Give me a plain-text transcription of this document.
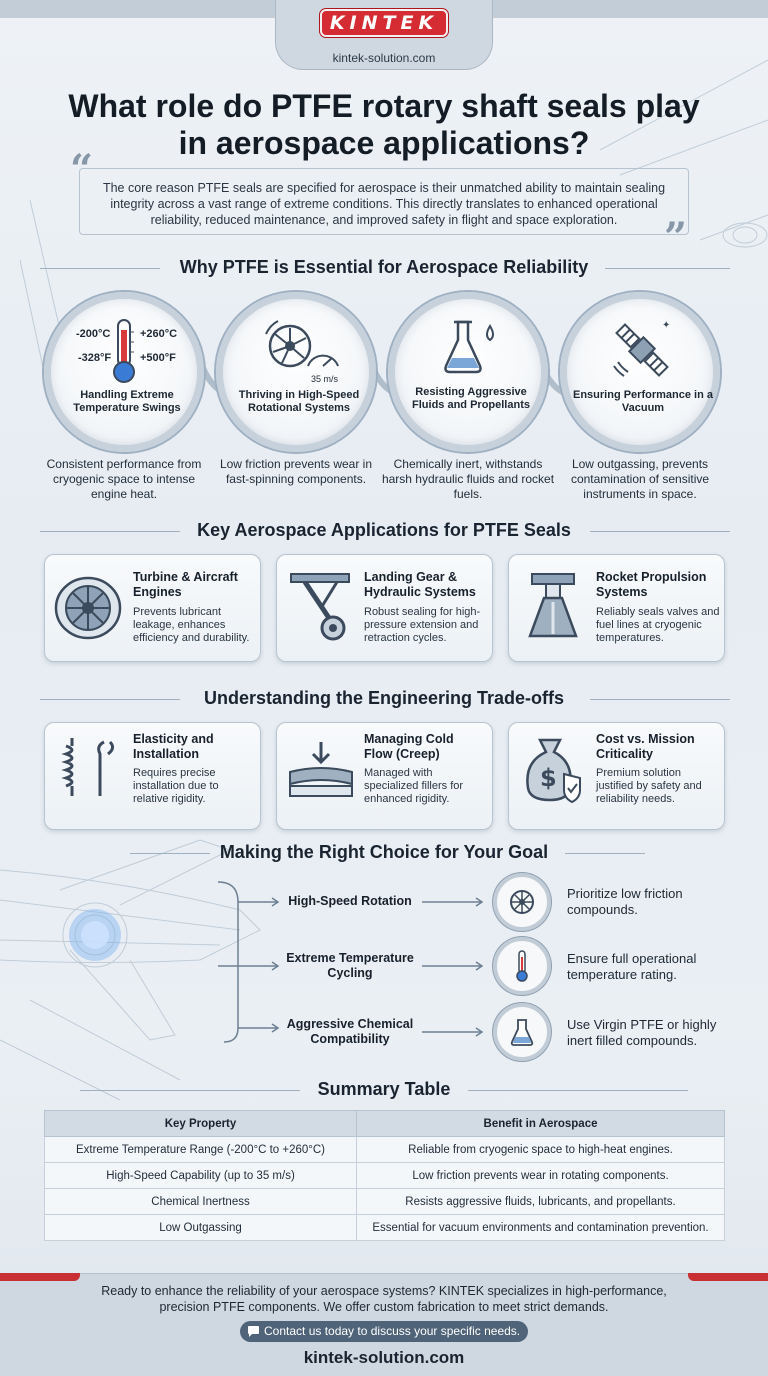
KINTEK
kintek-solution.com
What role do PTFE rotary shaft seals play in aerospace applications?
“
”

The core reason PTFE seals are specified for aerospace is their unmatched ability to maintain sealing integrity across a vast range of extreme conditions. This directly translates to enhanced operational reliability, reduced maintenance, and improved safety in flight and space exploration.

Why PTFE is Essential for Aerospace Reliability
-200°C
-328°F
+260°C
+500°F
35 m/s
✦
Handling Extreme Temperature Swings
Thriving in High-Speed Rotational Systems
Resisting Aggressive Fluids and Propellants
Ensuring Performance in a Vacuum
Consistent performance from cryogenic space to intense engine heat.
Low friction prevents wear in fast-spinning components.
Chemically inert, withstands harsh hydraulic fluids and rocket fuels.
Low outgassing, prevents contamination of sensitive instruments in space.
Key Aerospace Applications for PTFE Seals
Turbine & Aircraft Engines
Prevents lubricant leakage, enhances efficiency and durability.
Landing Gear & Hydraulic Systems
Robust sealing for high-pressure extension and retraction cycles.
Rocket Propulsion Systems
Reliably seals valves and fuel lines at cryogenic temperatures.
Understanding the Engineering Trade-offs
$
Elasticity and Installation
Requires precise installation due to relative rigidity.
Managing Cold Flow (Creep)
Managed with specialized fillers for enhanced rigidity.
Cost vs. Mission Criticality
Premium solution justified by safety and reliability needs.
Making the Right Choice for Your Goal
High-Speed Rotation
Extreme Temperature Cycling
Aggressive Chemical Compatibility
Prioritize low friction compounds.
Ensure full operational temperature rating.
Use Virgin PTFE or highly inert filled compounds.
Summary Table
Key Property	Benefit in Aerospace
Extreme Temperature Range (-200°C to +260°C)	Reliable from cryogenic space to high-heat engines.
High-Speed Capability (up to 35 m/s)	Low friction prevents wear in rotating components.
Chemical Inertness	Resists aggressive fluids, lubricants, and propellants.
Low Outgassing	Essential for vacuum environments and contamination prevention.

Ready to enhance the reliability of your aerospace systems? KINTEK specializes in high-performance, precision PTFE components. We offer custom fabrication to meet strict demands.

Contact us today to discuss your specific needs.
kintek-solution.com
